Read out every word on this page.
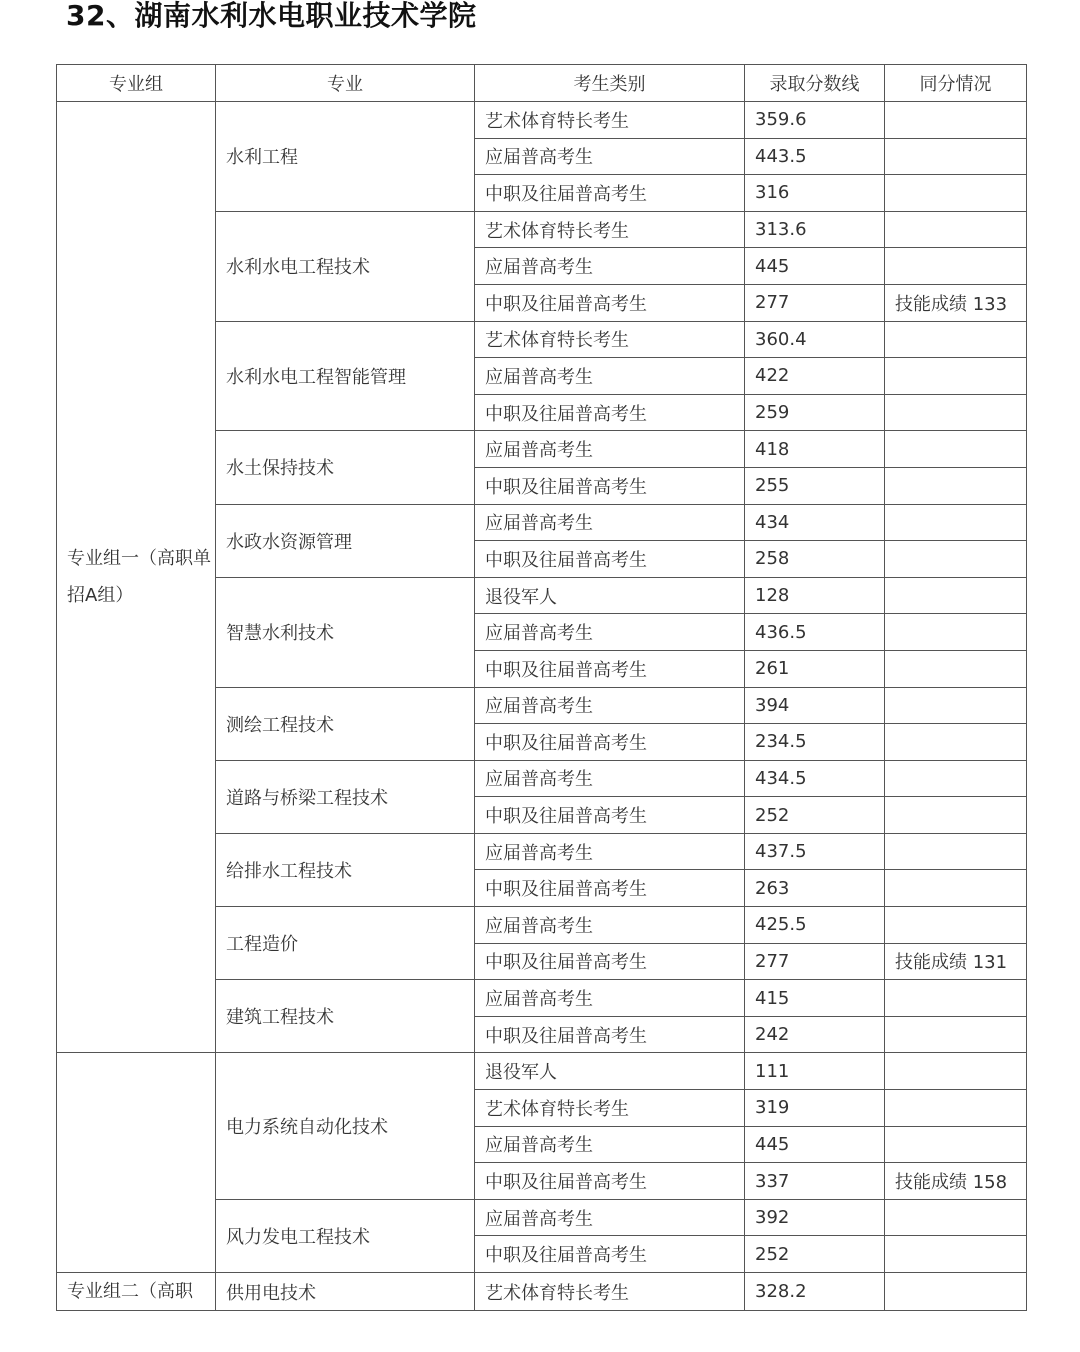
32、湖南水利水电职业技术学院
专业组	专业	考生类别	录取分数线	同分情况
专业组一（高职单招A组）	水利工程	艺术体育特长考生	359.6	
		应届普高考生	443.5	
		中职及往届普高考生	316	
	水利水电工程技术	艺术体育特长考生	313.6	
		应届普高考生	445	
		中职及往届普高考生	277	技能成绩 133
	水利水电工程智能管理	艺术体育特长考生	360.4	
		应届普高考生	422	
		中职及往届普高考生	259	
	水土保持技术	应届普高考生	418	
		中职及往届普高考生	255	
	水政水资源管理	应届普高考生	434	
		中职及往届普高考生	258	
	智慧水利技术	退役军人	128	
		应届普高考生	436.5	
		中职及往届普高考生	261	
	测绘工程技术	应届普高考生	394	
		中职及往届普高考生	234.5	
	道路与桥梁工程技术	应届普高考生	434.5	
		中职及往届普高考生	252	
	给排水工程技术	应届普高考生	437.5	
		中职及往届普高考生	263	
	工程造价	应届普高考生	425.5	
		中职及往届普高考生	277	技能成绩 131
	建筑工程技术	应届普高考生	415	
		中职及往届普高考生	242	
	电力系统自动化技术	退役军人	111	
		艺术体育特长考生	319	
		应届普高考生	445	
		中职及往届普高考生	337	技能成绩 158
	风力发电工程技术	应届普高考生	392	
		中职及往届普高考生	252	
专业组二（高职	供用电技术	艺术体育特长考生	328.2	
